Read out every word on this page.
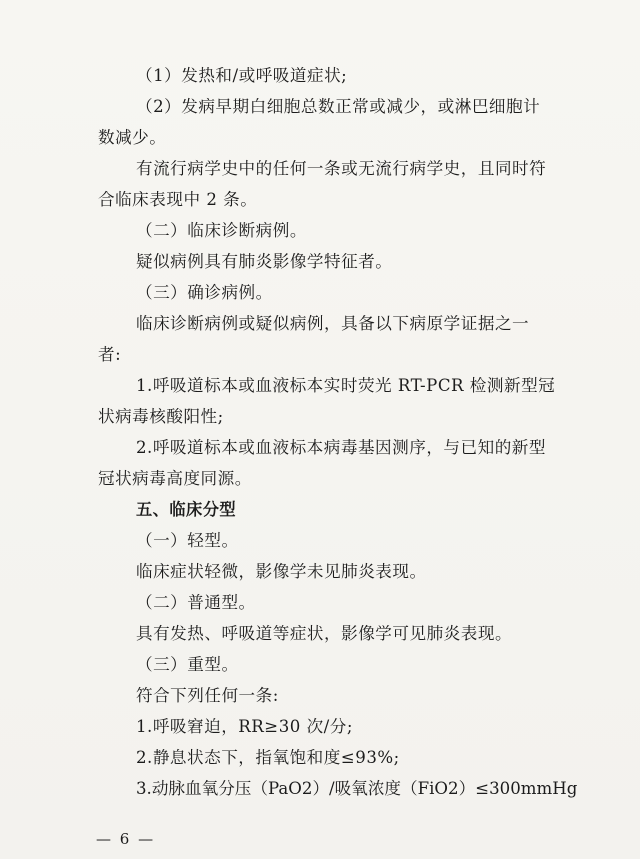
（1）发热和/或呼吸道症状;
（2）发病早期白细胞总数正常或减少，或淋巴细胞计
数减少。
有流行病学史中的任何一条或无流行病学史，且同时符
合临床表现中 2 条。
（二）临床诊断病例。
疑似病例具有肺炎影像学特征者。
（三）确诊病例。
临床诊断病例或疑似病例，具备以下病原学证据之一
者:
1.呼吸道标本或血液标本实时荧光 RT-PCR 检测新型冠
状病毒核酸阳性;
2.呼吸道标本或血液标本病毒基因测序，与已知的新型
冠状病毒高度同源。
五、临床分型
（一）轻型。
临床症状轻微，影像学未见肺炎表现。
（二）普通型。
具有发热、呼吸道等症状，影像学可见肺炎表现。
（三）重型。
符合下列任何一条:
1.呼吸窘迫，RR≥30 次/分;
2.静息状态下，指氧饱和度≤93%;
3.动脉血氧分压（PaO2）/吸氧浓度（FiO2）≤300mmHg
— 6 —
